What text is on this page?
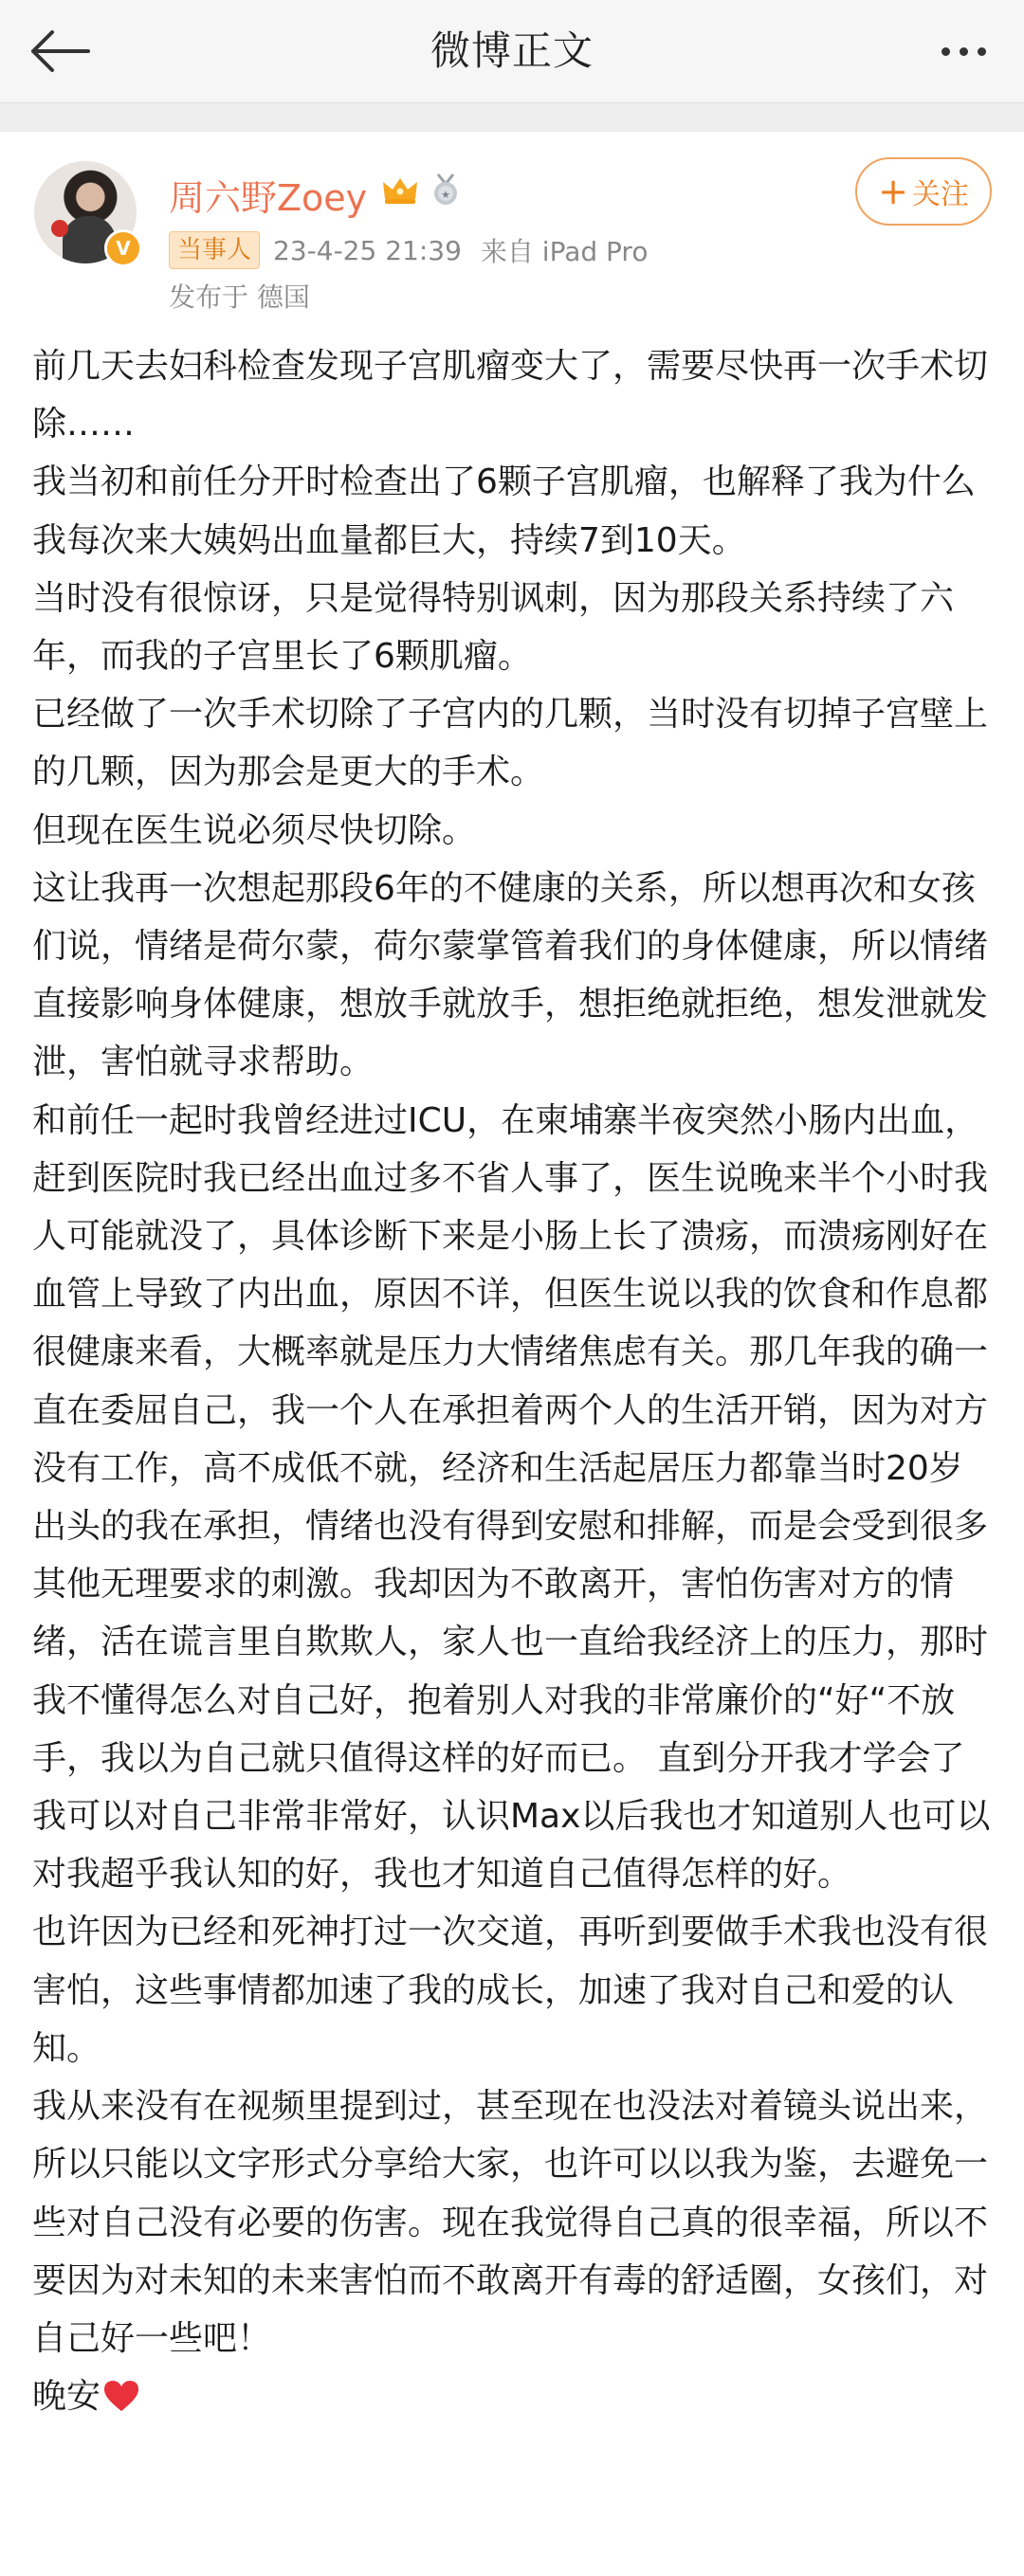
微博正文
V
周六野Zoey	★	+ 关注
当事人 23-4-25 21:39 来自 iPad Pro
发布于 德国

前几天去妇科检查发现子宫肌瘤变大了，需要尽快再一次手术切除……

我当初和前任分开时检查出了6颗子宫肌瘤，也解释了我为什么我每次来大姨妈出血量都巨大，持续7到10天。

当时没有很惊讶，只是觉得特别讽刺，因为那段关系持续了六年，而我的子宫里长了6颗肌瘤。

已经做了一次手术切除了子宫内的几颗，当时没有切掉子宫壁上的几颗，因为那会是更大的手术。

但现在医生说必须尽快切除。

这让我再一次想起那段6年的不健康的关系，所以想再次和女孩们说，情绪是荷尔蒙，荷尔蒙掌管着我们的身体健康，所以情绪直接影响身体健康，想放手就放手，想拒绝就拒绝，想发泄就发泄，害怕就寻求帮助。

和前任一起时我曾经进过ICU，在柬埔寨半夜突然小肠内出血，赶到医院时我已经出血过多不省人事了，医生说晚来半个小时我人可能就没了，具体诊断下来是小肠上长了溃疡，而溃疡刚好在血管上导致了内出血，原因不详，但医生说以我的饮食和作息都很健康来看，大概率就是压力大情绪焦虑有关。那几年我的确一直在委屈自己，我一个人在承担着两个人的生活开销，因为对方没有工作，高不成低不就，经济和生活起居压力都靠当时20岁出头的我在承担，情绪也没有得到安慰和排解，而是会受到很多其他无理要求的刺激。我却因为不敢离开，害怕伤害对方的情绪，活在谎言里自欺欺人，家人也一直给我经济上的压力，那时我不懂得怎么对自己好，抱着别人对我的非常廉价的“好“不放手，我以为自己就只值得这样的好而已。 直到分开我才学会了我可以对自己非常非常好，认识Max以后我也才知道别人也可以对我超乎我认知的好，我也才知道自己值得怎样的好。

也许因为已经和死神打过一次交道，再听到要做手术我也没有很害怕，这些事情都加速了我的成长，加速了我对自己和爱的认知。

我从来没有在视频里提到过，甚至现在也没法对着镜头说出来，所以只能以文字形式分享给大家，也许可以以我为鉴，去避免一些对自己没有必要的伤害。现在我觉得自己真的很幸福，所以不要因为对未知的未来害怕而不敢离开有毒的舒适圈，女孩们，对自己好一些吧！

晚安
